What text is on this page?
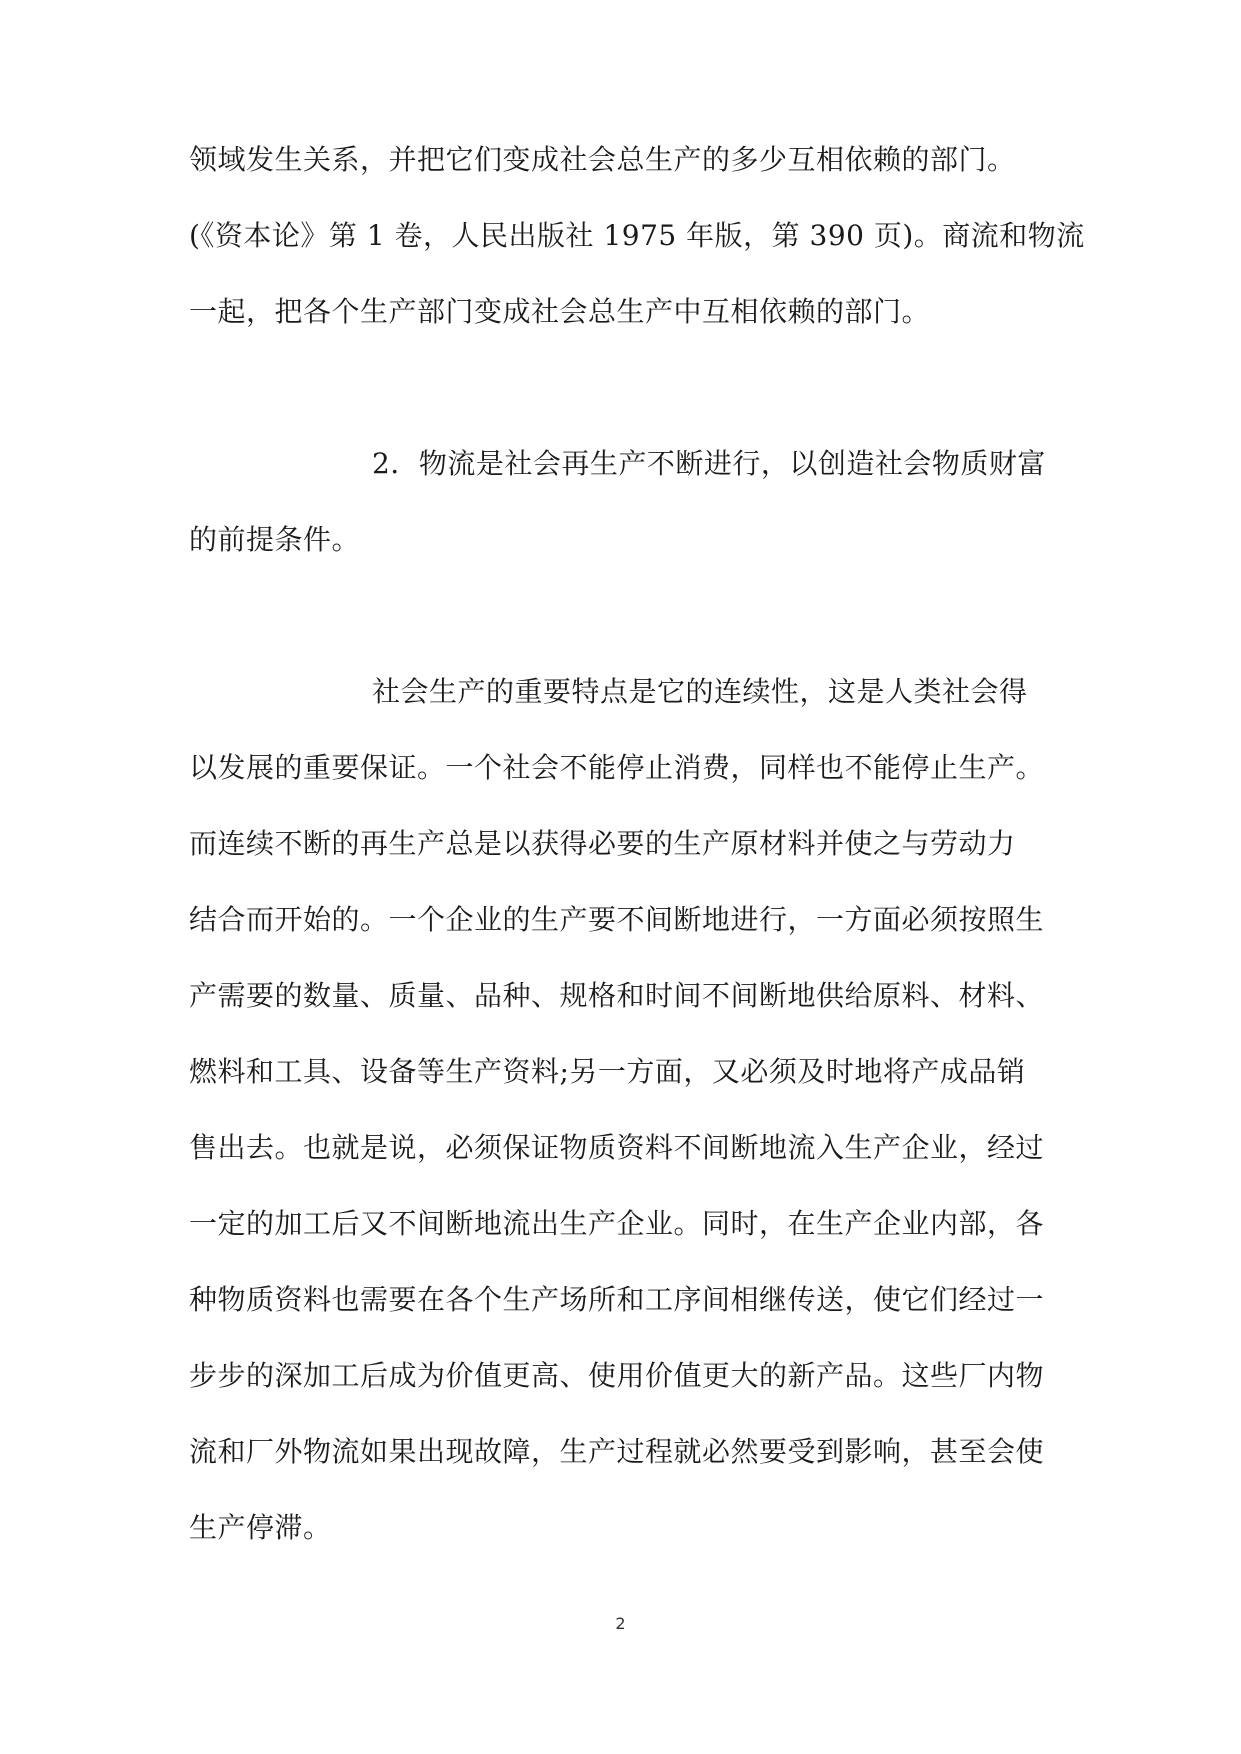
领域发生关系，并把它们变成社会总生产的多少互相依赖的部门。
(《资本论》第 1 卷，人民出版社 1975 年版，第 390 页)。商流和物流
一起，把各个生产部门变成社会总生产中互相依赖的部门。
2．物流是社会再生产不断进行，以创造社会物质财富
的前提条件。
社会生产的重要特点是它的连续性，这是人类社会得
以发展的重要保证。一个社会不能停止消费，同样也不能停止生产。
而连续不断的再生产总是以获得必要的生产原材料并使之与劳动力
结合而开始的。一个企业的生产要不间断地进行，一方面必须按照生
产需要的数量、质量、品种、规格和时间不间断地供给原料、材料、
燃料和工具、设备等生产资料;另一方面，又必须及时地将产成品销
售出去。也就是说，必须保证物质资料不间断地流入生产企业，经过
一定的加工后又不间断地流出生产企业。同时，在生产企业内部，各
种物质资料也需要在各个生产场所和工序间相继传送，使它们经过一
步步的深加工后成为价值更高、使用价值更大的新产品。这些厂内物
流和厂外物流如果出现故障，生产过程就必然要受到影响，甚至会使
生产停滞。
2
